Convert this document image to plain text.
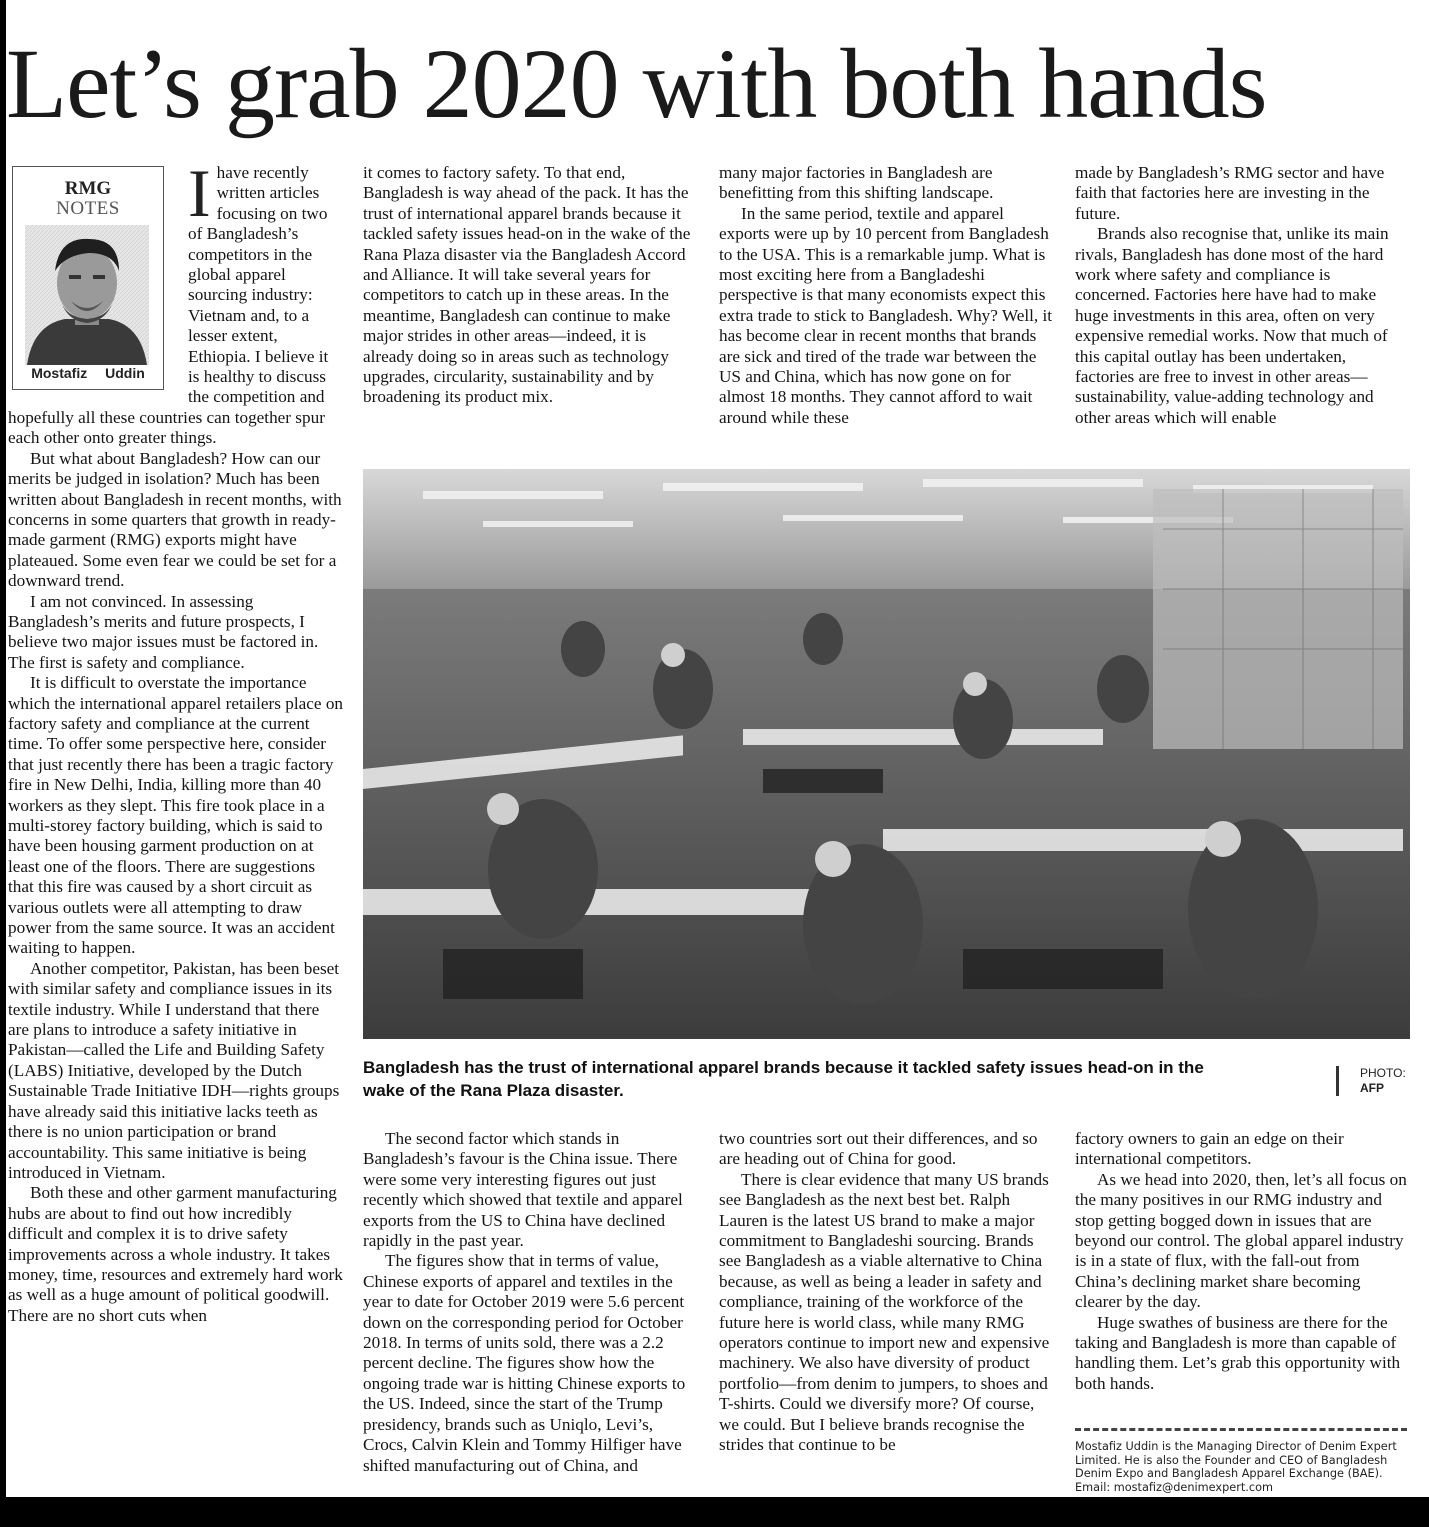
Let’s grab 2020 with both hands
RMG
NOTES
Mostafiz Uddin

Ihave recently written articles focusing on two of Bangladesh’s competitors in the global apparel sourcing industry: Vietnam and, to a lesser extent, Ethiopia. I believe it is healthy to discuss the competition and hopefully all these countries can together spur each other onto greater things.

But what about Bangladesh? How can our merits be judged in isolation? Much has been written about Bangladesh in recent months, with concerns in some quarters that growth in ready-made garment (RMG) exports might have plateaued. Some even fear we could be set for a downward trend.

I am not convinced. In assessing Bangladesh’s merits and future prospects, I believe two major issues must be factored in. The first is safety and compliance.

It is difficult to overstate the importance which the international apparel retailers place on factory safety and compliance at the current time. To offer some perspective here, consider that just recently there has been a tragic factory fire in New Delhi, India, killing more than 40 workers as they slept. This fire took place in a multi-storey factory building, which is said to have been housing garment production on at least one of the floors. There are suggestions that this fire was caused by a short circuit as various outlets were all attempting to draw power from the same source. It was an accident waiting to happen.

Another competitor, Pakistan, has been beset with similar safety and compliance issues in its textile industry. While I understand that there are plans to introduce a safety initiative in Pakistan—called the Life and Building Safety (LABS) Initiative, developed by the Dutch Sustainable Trade Initiative IDH—rights groups have already said this initiative lacks teeth as there is no union participation or brand accountability. This same initiative is being introduced in Vietnam.

Both these and other garment manufacturing hubs are about to find out how incredibly difficult and complex it is to drive safety improvements across a whole industry. It takes money, time, resources and extremely hard work as well as a huge amount of political goodwill. There are no short cuts when

it comes to factory safety. To that end, Bangladesh is way ahead of the pack. It has the trust of international apparel brands because it tackled safety issues head-on in the wake of the Rana Plaza disaster via the Bangladesh Accord and Alliance. It will take several years for competitors to catch up in these areas. In the meantime, Bangladesh can continue to make major strides in other areas—indeed, it is already doing so in areas such as technology upgrades, circularity, sustainability and by broadening its product mix.

many major factories in Bangladesh are benefitting from this shifting landscape.

In the same period, textile and apparel exports were up by 10 percent from Bangladesh to the USA. This is a remarkable jump. What is most exciting here from a Bangladeshi perspective is that many economists expect this extra trade to stick to Bangladesh. Why? Well, it has become clear in recent months that brands are sick and tired of the trade war between the US and China, which has now gone on for almost 18 months. They cannot afford to wait around while these

made by Bangladesh’s RMG sector and have faith that factories here are investing in the future.

Brands also recognise that, unlike its main rivals, Bangladesh has done most of the hard work where safety and compliance is concerned. Factories here have had to make huge investments in this area, often on very expensive remedial works. Now that much of this capital outlay has been undertaken, factories are free to invest in other areas—sustainability, value-adding technology and other areas which will enable

Bangladesh has the trust of international apparel brands because it tackled safety issues head-on in the wake of the Rana Plaza disaster.
PHOTO:
AFP

The second factor which stands in Bangladesh’s favour is the China issue. There were some very interesting figures out just recently which showed that textile and apparel exports from the US to China have declined rapidly in the past year.

The figures show that in terms of value, Chinese exports of apparel and textiles in the year to date for October 2019 were 5.6 percent down on the corresponding period for October 2018. In terms of units sold, there was a 2.2 percent decline. The figures show how the ongoing trade war is hitting Chinese exports to the US. Indeed, since the start of the Trump presidency, brands such as Uniqlo, Levi’s, Crocs, Calvin Klein and Tommy Hilfiger have shifted manufacturing out of China, and

two countries sort out their differences, and so are heading out of China for good.

There is clear evidence that many US brands see Bangladesh as the next best bet. Ralph Lauren is the latest US brand to make a major commitment to Bangladeshi sourcing. Brands see Bangladesh as a viable alternative to China because, as well as being a leader in safety and compliance, training of the workforce of the future here is world class, while many RMG operators continue to import new and expensive machinery. We also have diversity of product portfolio—from denim to jumpers, to shoes and T-shirts. Could we diversify more? Of course, we could. But I believe brands recognise the strides that continue to be

factory owners to gain an edge on their international competitors.

As we head into 2020, then, let’s all focus on the many positives in our RMG industry and stop getting bogged down in issues that are beyond our control. The global apparel industry is in a state of flux, with the fall-out from China’s declining market share becoming clearer by the day.

Huge swathes of business are there for the taking and Bangladesh is more than capable of handling them. Let’s grab this opportunity with both hands.

Mostafiz Uddin is the Managing Director of Denim Expert Limited. He is also the Founder and CEO of Bangladesh Denim Expo and Bangladesh Apparel Exchange (BAE). Email: mostafiz@denimexpert.com
